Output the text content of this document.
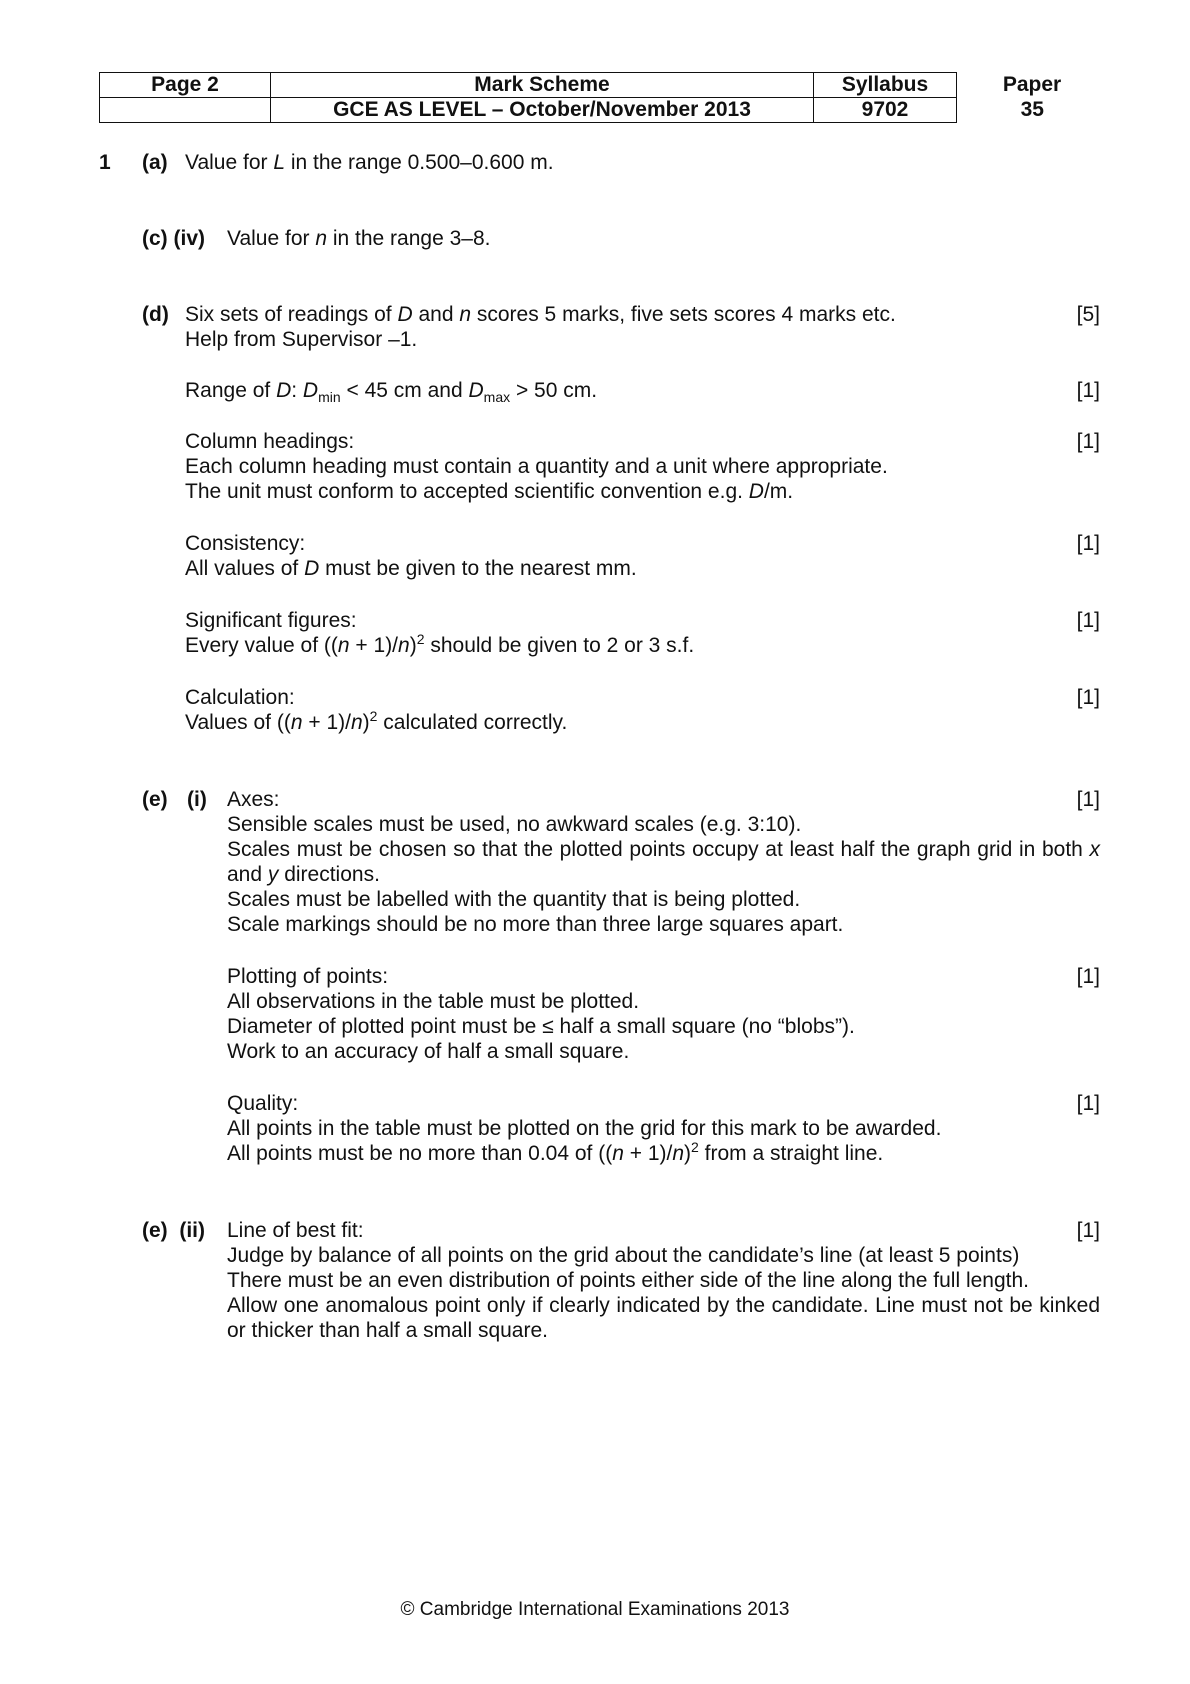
Page 2	Mark Scheme	Syllabus	Paper
	GCE AS LEVEL – October/November 2013	9702	35
1 (a) Value for L in the range 0.500–0.600 m.
(c) (iv) Value for n in the range 3–8.
(d) Six sets of readings of D and n scores 5 marks, five sets scores 4 marks etc.	[5]
Help from Supervisor –1.
Range of D: $D_{min} < 45$ cm and $D_{max} > 50$ cm.	[1]
Column headings:	[1]
Each column heading must contain a quantity and a unit where appropriate.
The unit must conform to accepted scientific convention e.g. D/m.
Consistency:	[1]
All values of D must be given to the nearest mm.
Significant figures:	[1]
Every value of $((n + 1)/n)^2$ should be given to 2 or 3 s.f.
Calculation:	[1]
Values of $((n + 1)/n)^2$ calculated correctly.
(e) (i) Axes:	[1]
Sensible scales must be used, no awkward scales (e.g. 3:10).
Scales must be chosen so that the plotted points occupy at least half the graph grid in both x and y directions.
Scales must be labelled with the quantity that is being plotted.
Scale markings should be no more than three large squares apart.
Plotting of points:	[1]
All observations in the table must be plotted.
Diameter of plotted point must be ≤ half a small square (no “blobs”).
Work to an accuracy of half a small square.
Quality:	[1]
All points in the table must be plotted on the grid for this mark to be awarded.
All points must be no more than 0.04 of $((n + 1)/n)^2$ from a straight line.
(e)  (ii) Line of best fit:	[1]
Judge by balance of all points on the grid about the candidate’s line (at least 5 points)
There must be an even distribution of points either side of the line along the full length.
Allow one anomalous point only if clearly indicated by the candidate. Line must not be kinked or thicker than half a small square.
© Cambridge International Examinations 2013
